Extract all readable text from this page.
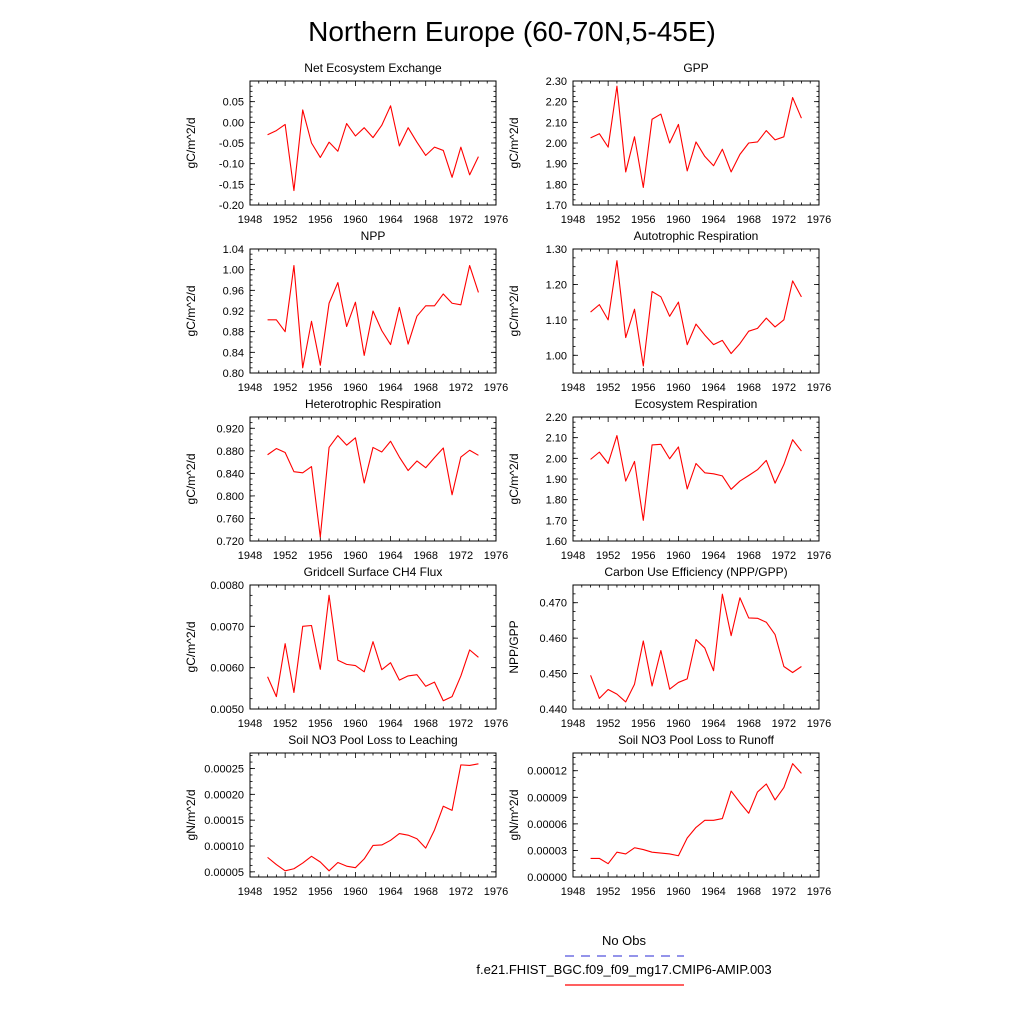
Northern Europe (60-70N,5-45E)
Net Ecosystem Exchange
1948 1952 1956 1960 1964 1968 1972 1976
0.05
0.00
-0.05
-0.10
-0.15
-0.20
gC/m^2/d
GPP
1948 1952 1956 1960 1964 1968 1972 1976
2.30
2.20
2.10
2.00
1.90
1.80
1.70
gC/m^2/d
NPP
1948 1952 1956 1960 1964 1968 1972 1976
1.04
1.00
0.96
0.92
0.88
0.84
0.80
gC/m^2/d
Autotrophic Respiration
1948 1952 1956 1960 1964 1968 1972 1976
1.30
1.20
1.10
1.00
gC/m^2/d
Heterotrophic Respiration
1948 1952 1956 1960 1964 1968 1972 1976
0.920
0.880
0.840
0.800
0.760
0.720
gC/m^2/d
Ecosystem Respiration
1948 1952 1956 1960 1964 1968 1972 1976
2.20
2.10
2.00
1.90
1.80
1.70
1.60
gC/m^2/d
Gridcell Surface CH4 Flux
1948 1952 1956 1960 1964 1968 1972 1976
0.0080
0.0070
0.0060
0.0050
gC/m^2/d
Carbon Use Efficiency (NPP/GPP)
1948 1952 1956 1960 1964 1968 1972 1976
0.470
0.460
0.450
0.440
NPP/GPP
Soil NO3 Pool Loss to Leaching
1948 1952 1956 1960 1964 1968 1972 1976
0.00025
0.00020
0.00015
0.00010
0.00005
gN/m^2/d
Soil NO3 Pool Loss to Runoff
1948 1952 1956 1960 1964 1968 1972 1976
0.00012
0.00009
0.00006
0.00003
0.00000
gN/m^2/d
No Obs
f.e21.FHIST_BGC.f09_f09_mg17.CMIP6-AMIP.003
